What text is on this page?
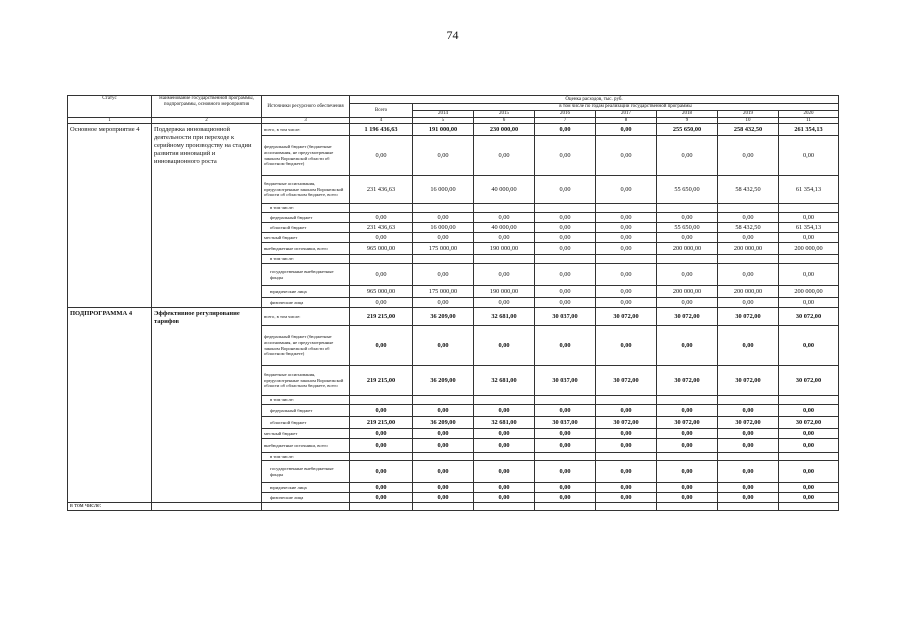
74
Статус	Наименование государственной программы, подпрограммы, основного мероприятия	Источники ресурсного обеспечения	Оценка расходов, тыс. руб.							
			Всего	в том числе по годам реализации государственной программы						
				2014	2015	2016	2017	2018	2019	2020
1	2	3	4	5	6	7	8	9	10	11
Основное мероприятие 4	Поддержка инновационной деятельности при переходе к серийному производству на стадии развития инноваций и инновационного роста	всего, в том числе:	1 196 436,63	191 000,00	230 000,00	0,00	0,00	255 650,00	258 432,50	261 354,13
		федеральный бюджет (бюджетные ассигнования, не предусмотренные законом Воронежской области об областном бюджете)	0,00	0,00	0,00	0,00	0,00	0,00	0,00	0,00
		бюджетные ассигнования, предусмотренные законом Воронежской области об областном бюджете, всего	231 436,63	16 000,00	40 000,00	0,00	0,00	55 650,00	58 432,50	61 354,13
		в том числе:								
		федеральный бюджет	0,00	0,00	0,00	0,00	0,00	0,00	0,00	0,00
		областной бюджет	231 436,63	16 000,00	40 000,00	0,00	0,00	55 650,00	58 432,50	61 354,13
		местный бюджет	0,00	0,00	0,00	0,00	0,00	0,00	0,00	0,00
		внебюджетные источники, всего	965 000,00	175 000,00	190 000,00	0,00	0,00	200 000,00	200 000,00	200 000,00
		в том числе:								
		государственные внебюджетные фонды	0,00	0,00	0,00	0,00	0,00	0,00	0,00	0,00
		юридические лица	965 000,00	175 000,00	190 000,00	0,00	0,00	200 000,00	200 000,00	200 000,00
		физические лица	0,00	0,00	0,00	0,00	0,00	0,00	0,00	0,00
ПОДПРОГРАММА 4	Эффективное регулирование тарифов	всего, в том числе:	219 215,00	36 209,00	32 681,00	30 037,00	30 072,00	30 072,00	30 072,00	30 072,00
		федеральный бюджет (бюджетные ассигнования, не предусмотренные законом Воронежской области об областном бюджете)	0,00	0,00	0,00	0,00	0,00	0,00	0,00	0,00
		бюджетные ассигнования, предусмотренные законом Воронежской области об областном бюджете, всего	219 215,00	36 209,00	32 681,00	30 037,00	30 072,00	30 072,00	30 072,00	30 072,00
		в том числе:								
		федеральный бюджет	0,00	0,00	0,00	0,00	0,00	0,00	0,00	0,00
		областной бюджет	219 215,00	36 209,00	32 681,00	30 037,00	30 072,00	30 072,00	30 072,00	30 072,00
		местный бюджет	0,00	0,00	0,00	0,00	0,00	0,00	0,00	0,00
		внебюджетные источники, всего	0,00	0,00	0,00	0,00	0,00	0,00	0,00	0,00
		в том числе:								
		государственные внебюджетные фонды	0,00	0,00	0,00	0,00	0,00	0,00	0,00	0,00
		юридические лица	0,00	0,00	0,00	0,00	0,00	0,00	0,00	0,00
		физические лица	0,00	0,00	0,00	0,00	0,00	0,00	0,00	0,00
в том числе:										
